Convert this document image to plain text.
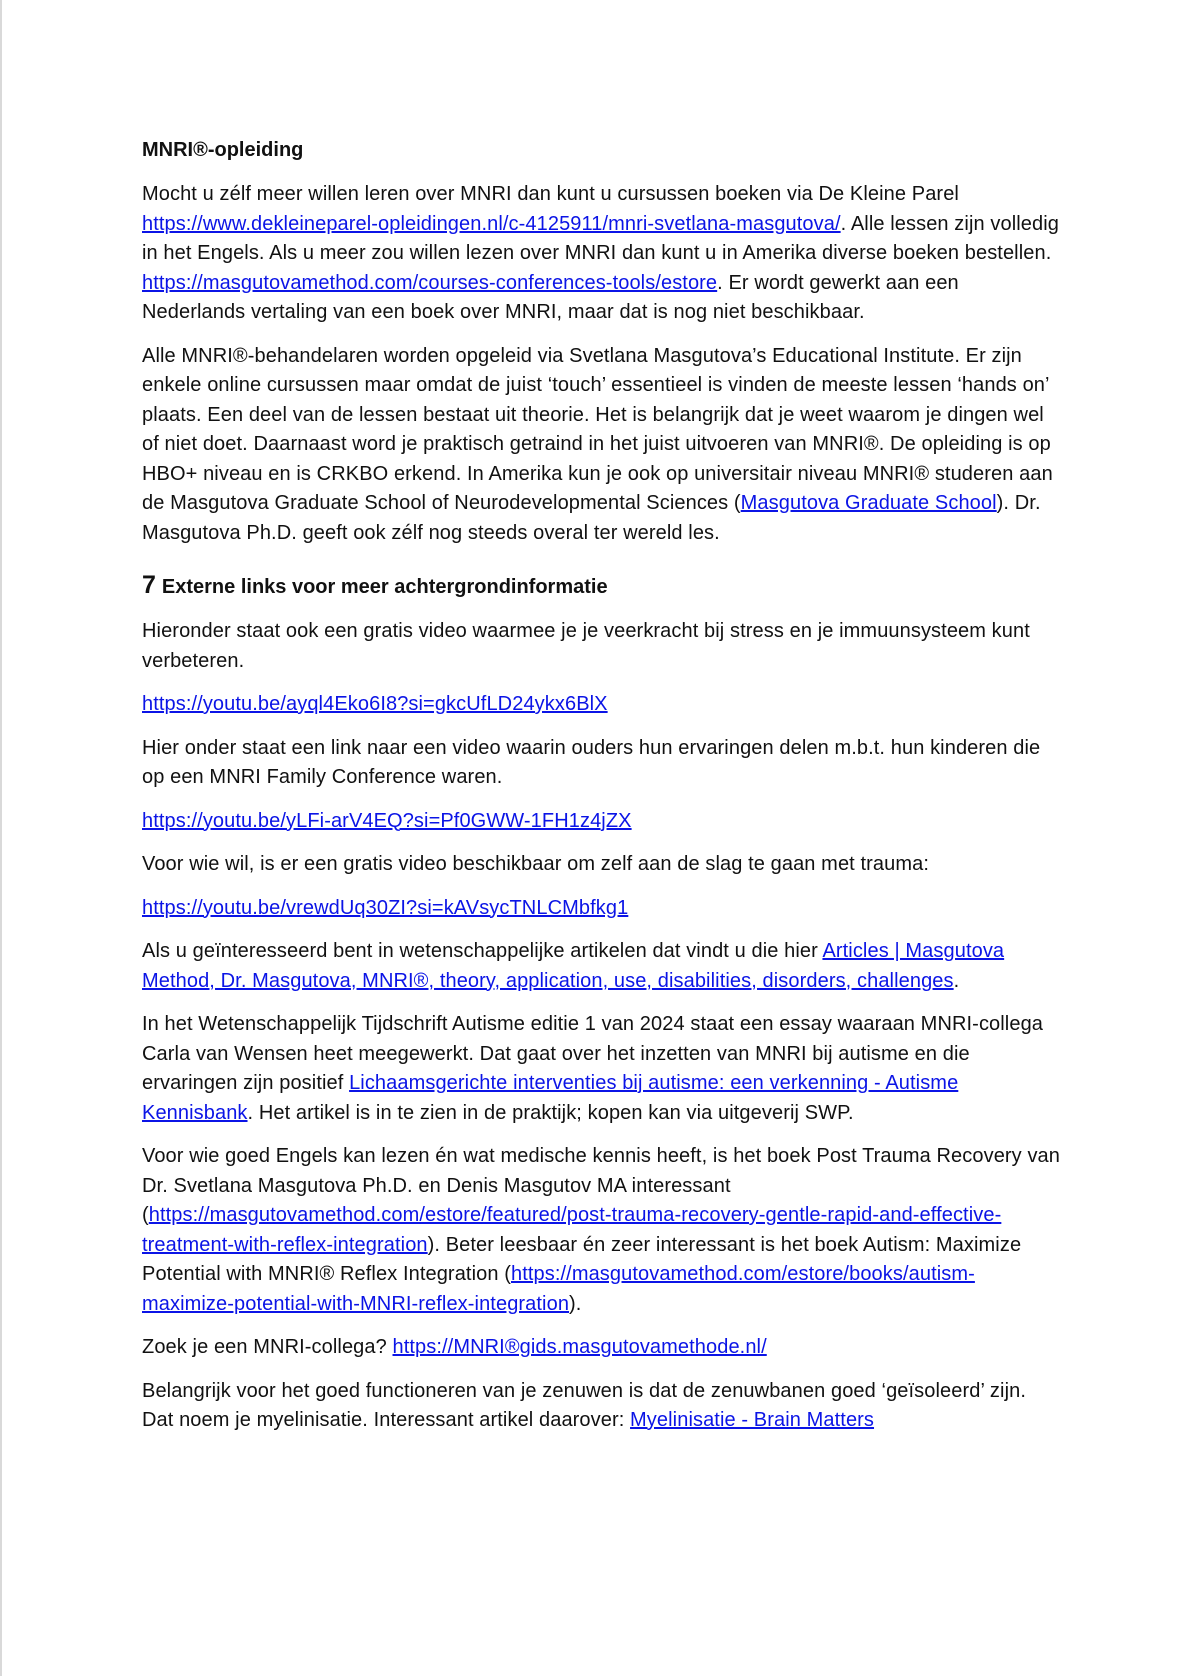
MNRI®-opleiding

Mocht u zélf meer willen leren over MNRI dan kunt u cursussen boeken via De Kleine Parel https://www.dekleineparel-opleidingen.nl/c-4125911/mnri-svetlana-masgutova/. Alle lessen zijn volledig in het Engels. Als u meer zou willen lezen over MNRI dan kunt u in Amerika diverse boeken bestellen. https://masgutovamethod.com/courses-conferences-tools/estore. Er wordt gewerkt aan een Nederlands vertaling van een boek over MNRI, maar dat is nog niet beschikbaar.

Alle MNRI®-behandelaren worden opgeleid via Svetlana Masgutova’s Educational Institute. Er zijn enkele online cursussen maar omdat de juist ‘touch’ essentieel is vinden de meeste lessen ‘hands on’ plaats. Een deel van de lessen bestaat uit theorie. Het is belangrijk dat je weet waarom je dingen wel of niet doet. Daarnaast word je praktisch getraind in het juist uitvoeren van MNRI®. De opleiding is op HBO+ niveau en is CRKBO erkend. In Amerika kun je ook op universitair niveau MNRI® studeren aan de Masgutova Graduate School of Neurodevelopmental Sciences (Masgutova Graduate School). Dr. Masgutova Ph.D. geeft ook zélf nog steeds overal ter wereld les.

7 Externe links voor meer achtergrondinformatie

Hieronder staat ook een gratis video waarmee je je veerkracht bij stress en je immuunsysteem kunt verbeteren.

https://youtu.be/ayql4Eko6I8?si=gkcUfLD24ykx6BlX

Hier onder staat een link naar een video waarin ouders hun ervaringen delen m.b.t. hun kinderen die op een MNRI Family Conference waren.

https://youtu.be/yLFi-arV4EQ?si=Pf0GWW-1FH1z4jZX

Voor wie wil, is er een gratis video beschikbaar om zelf aan de slag te gaan met trauma:

https://youtu.be/vrewdUq30ZI?si=kAVsycTNLCMbfkg1

Als u geïnteresseerd bent in wetenschappelijke artikelen dat vindt u die hier Articles | Masgutova Method, Dr. Masgutova, MNRI®, theory, application, use, disabilities, disorders, challenges.

In het Wetenschappelijk Tijdschrift Autisme editie 1 van 2024 staat een essay waaraan MNRI-collega Carla van Wensen heet meegewerkt. Dat gaat over het inzetten van MNRI bij autisme en die ervaringen zijn positief Lichaamsgerichte interventies bij autisme: een verkenning - Autisme Kennisbank. Het artikel is in te zien in de praktijk; kopen kan via uitgeverij SWP.

Voor wie goed Engels kan lezen én wat medische kennis heeft, is het boek Post Trauma Recovery van Dr. Svetlana Masgutova Ph.D. en Denis Masgutov MA interessant (https://masgutovamethod.com/estore/featured/post-trauma-recovery-gentle-rapid-and-effective-treatment-with-reflex-integration). Beter leesbaar én zeer interessant is het boek Autism: Maximize Potential with MNRI® Reflex Integration (https://masgutovamethod.com/estore/books/autism-maximize-potential-with-MNRI-reflex-integration).

Zoek je een MNRI-collega? https://MNRI®gids.masgutovamethode.nl/

Belangrijk voor het goed functioneren van je zenuwen is dat de zenuwbanen goed ‘geïsoleerd’ zijn. Dat noem je myelinisatie. Interessant artikel daarover: Myelinisatie - Brain Matters
